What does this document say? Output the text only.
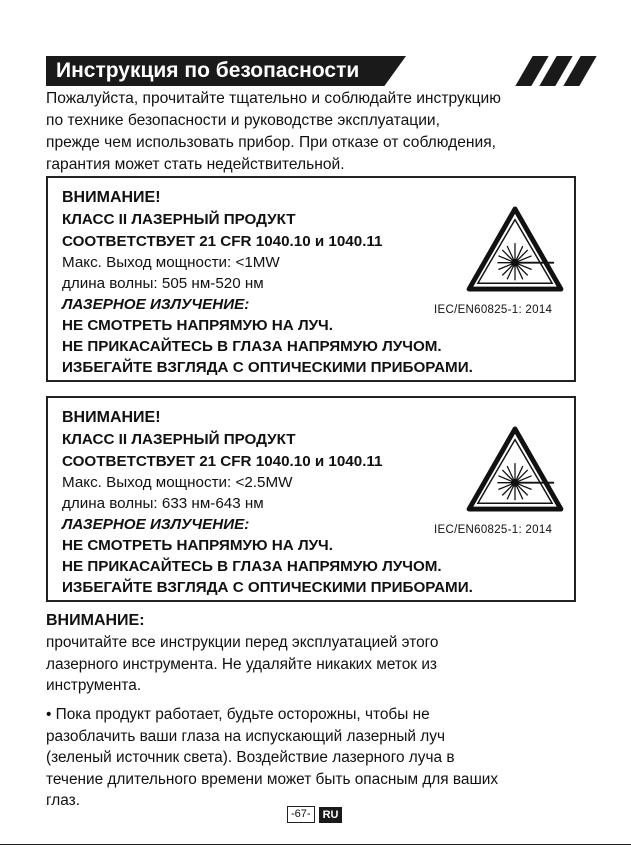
Инструкция по безопасности
Пожалуйста, прочитайте тщательно и соблюдайте инструкцию
по технике безопасности и руководстве эксплуатации,
прежде чем использовать прибор. При отказе от соблюдения,
гарантия может стать недействительной.
ВНИМАНИЕ!
КЛАСС II ЛАЗЕРНЫЙ ПРОДУКТ
СООТВЕТСТВУЕТ 21 CFR 1040.10 и 1040.11
Макс. Выход мощности: <1MW
длина волны: 505 нм-520 нм
ЛАЗЕРНОЕ ИЗЛУЧЕНИЕ:
НЕ СМОТРЕТЬ НАПРЯМУЮ НА ЛУЧ.
НЕ ПРИКАСАЙТЕСЬ В ГЛАЗА НАПРЯМУЮ ЛУЧОМ.
ИЗБЕГАЙТЕ ВЗГЛЯДА С ОПТИЧЕСКИМИ ПРИБОРАМИ.
IEC/EN60825-1: 2014
ВНИМАНИЕ!
КЛАСС II ЛАЗЕРНЫЙ ПРОДУКТ
СООТВЕТСТВУЕТ 21 CFR 1040.10 и 1040.11
Макс. Выход мощности: <2.5MW
длина волны: 633 нм-643 нм
ЛАЗЕРНОЕ ИЗЛУЧЕНИЕ:
НЕ СМОТРЕТЬ НАПРЯМУЮ НА ЛУЧ.
НЕ ПРИКАСАЙТЕСЬ В ГЛАЗА НАПРЯМУЮ ЛУЧОМ.
ИЗБЕГАЙТЕ ВЗГЛЯДА С ОПТИЧЕСКИМИ ПРИБОРАМИ.
IEC/EN60825-1: 2014
ВНИМАНИЕ:
прочитайте все инструкции перед эксплуатацией этого
лазерного инструмента. Не удаляйте никаких меток из
инструмента.
• Пока продукт работает, будьте осторожны, чтобы не
разоблачить ваши глаза на испускающий лазерный луч
(зеленый источник света). Воздействие лазерного луча в
течение длительного времени может быть опасным для ваших
глаз.
-67-	RU
